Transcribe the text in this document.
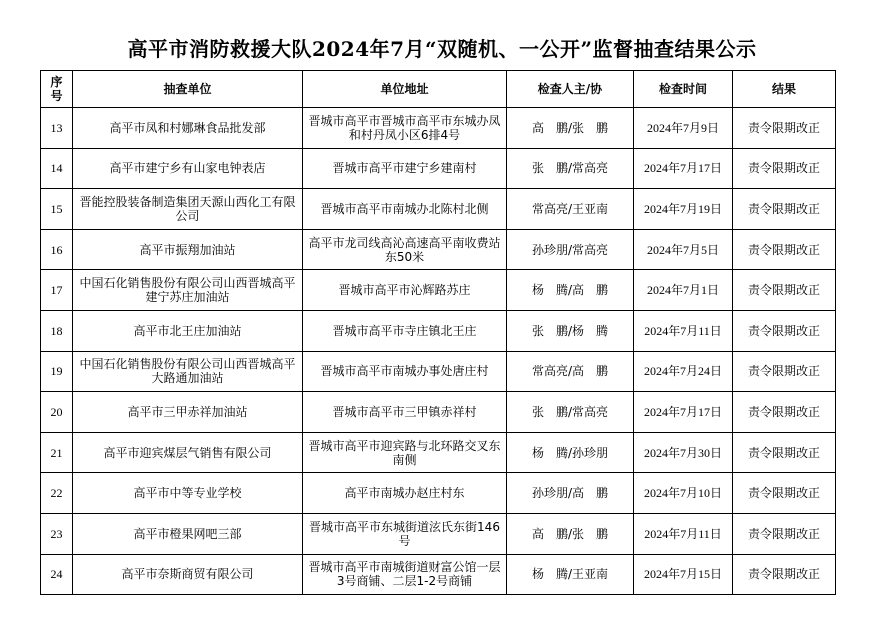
高平市消防救援大队2024年7月“双随机、一公开”监督抽查结果公示
序号	抽查单位	单位地址	检查人主/协	检查时间	结果
13	高平市凤和村娜琳食品批发部	晋城市高平市晋城市高平市东城办凤和村丹凤小区6排4号	高　鹏/张　鹏	2024年7月9日	责令限期改正
14	高平市建宁乡有山家电钟表店	晋城市高平市建宁乡建南村	张　鹏/常高亮	2024年7月17日	责令限期改正
15	晋能控股装备制造集团天源山西化工有限公司	晋城市高平市南城办北陈村北侧	常高亮/王亚南	2024年7月19日	责令限期改正
16	高平市振翔加油站	高平市龙司线高沁高速高平南收费站东50米	孙珍朋/常高亮	2024年7月5日	责令限期改正
17	中国石化销售股份有限公司山西晋城高平建宁苏庄加油站	晋城市高平市沁辉路苏庄	杨　腾/高　鹏	2024年7月1日	责令限期改正
18	高平市北王庄加油站	晋城市高平市寺庄镇北王庄	张　鹏/杨　腾	2024年7月11日	责令限期改正
19	中国石化销售股份有限公司山西晋城高平大路通加油站	晋城市高平市南城办事处唐庄村	常高亮/高　鹏	2024年7月24日	责令限期改正
20	高平市三甲赤祥加油站	晋城市高平市三甲镇赤祥村	张　鹏/常高亮	2024年7月17日	责令限期改正
21	高平市迎宾煤层气销售有限公司	晋城市高平市迎宾路与北环路交叉东南侧	杨　腾/孙珍朋	2024年7月30日	责令限期改正
22	高平市中等专业学校	高平市南城办赵庄村东	孙珍朋/高　鹏	2024年7月10日	责令限期改正
23	高平市橙果网吧三部	晋城市高平市东城街道泫氏东街146号	高　鹏/张　鹏	2024年7月11日	责令限期改正
24	高平市奈斯商贸有限公司	晋城市高平市南城街道财富公馆一层3号商铺、二层1-2号商铺	杨　腾/王亚南	2024年7月15日	责令限期改正
